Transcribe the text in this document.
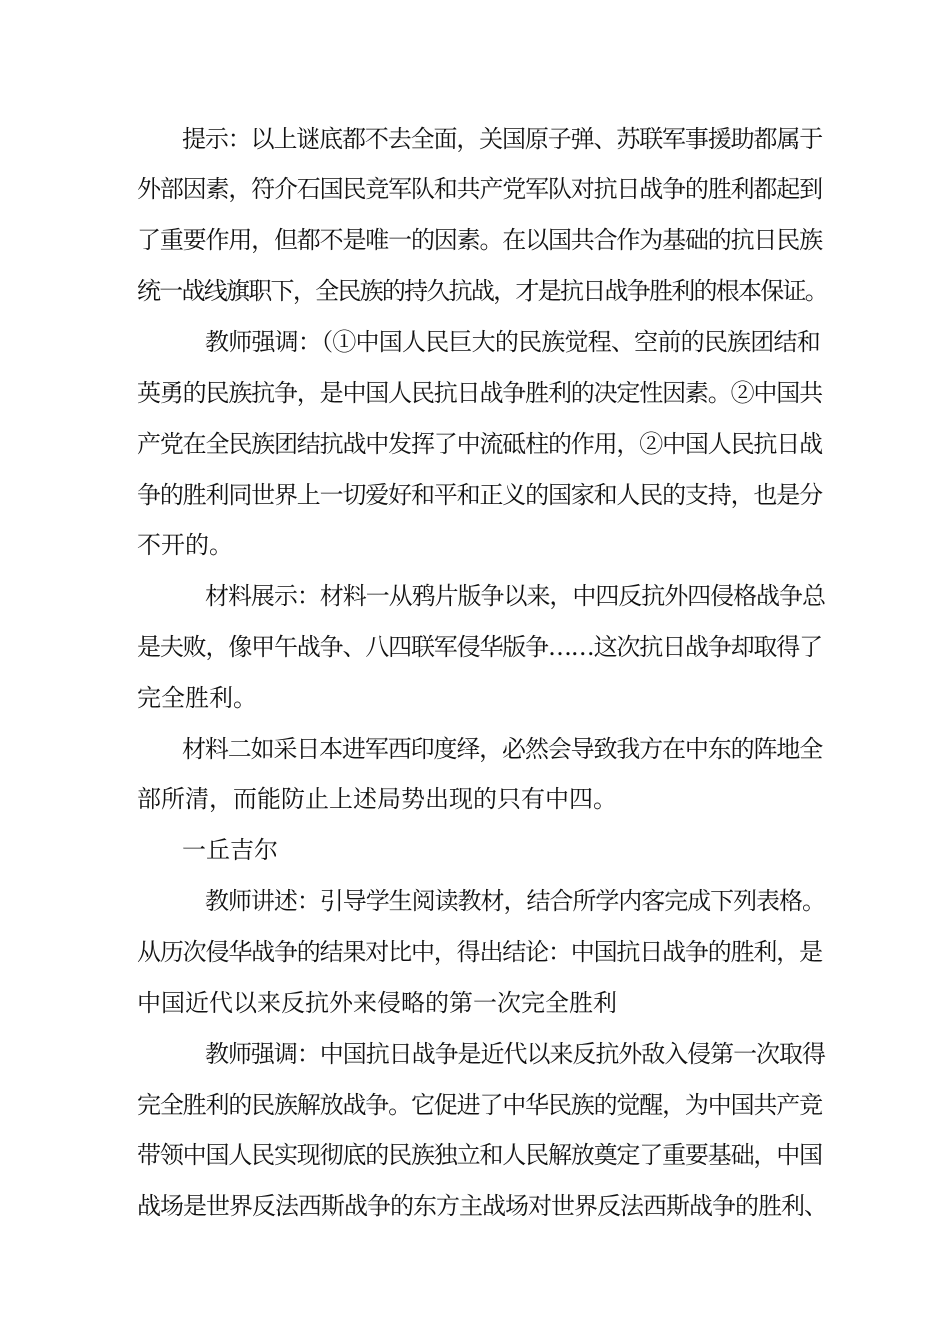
提示：以上谜底都不去全面，关国原子弹、苏联军事援助都属于

外部因素，符介石国民竞军队和共产党军队对抗日战争的胜利都起到

了重要作用，但都不是唯一的因素。在以国共合作为基础的抗日民族

统一战线旗职下，全民族的持久抗战，才是抗日战争胜利的根本保证。

教师强调：（①中国人民巨大的民族觉程、空前的民族团结和

英勇的民族抗争，是中国人民抗日战争胜利的决定性因素。②中国共

产党在全民族团结抗战中发挥了中流砥柱的作用，②中国人民抗日战

争的胜利同世界上一切爱好和平和正义的国家和人民的支持，也是分

不开的。

材料展示：材料一从鸦片版争以来，中四反抗外四侵格战争总

是夫败，像甲午战争、八四联军侵华版争……这次抗日战争却取得了

完全胜利。

材料二如采日本进军西印度绎，必然会导致我方在中东的阵地全

部所清，而能防止上述局势出现的只有中四。

一丘吉尔

教师讲述：引导学生阅读教材，结合所学内客完成下列表格。

从历次侵华战争的结果对比中，得出结论：中国抗日战争的胜利，是

中国近代以来反抗外来侵略的第一次完全胜利

教师强调：中国抗日战争是近代以来反抗外敌入侵第一次取得

完全胜利的民族解放战争。它促进了中华民族的觉醒，为中国共产竞

带领中国人民实现彻底的民族独立和人民解放奠定了重要基础，中国

战场是世界反法西斯战争的东方主战场对世界反法西斯战争的胜利、
